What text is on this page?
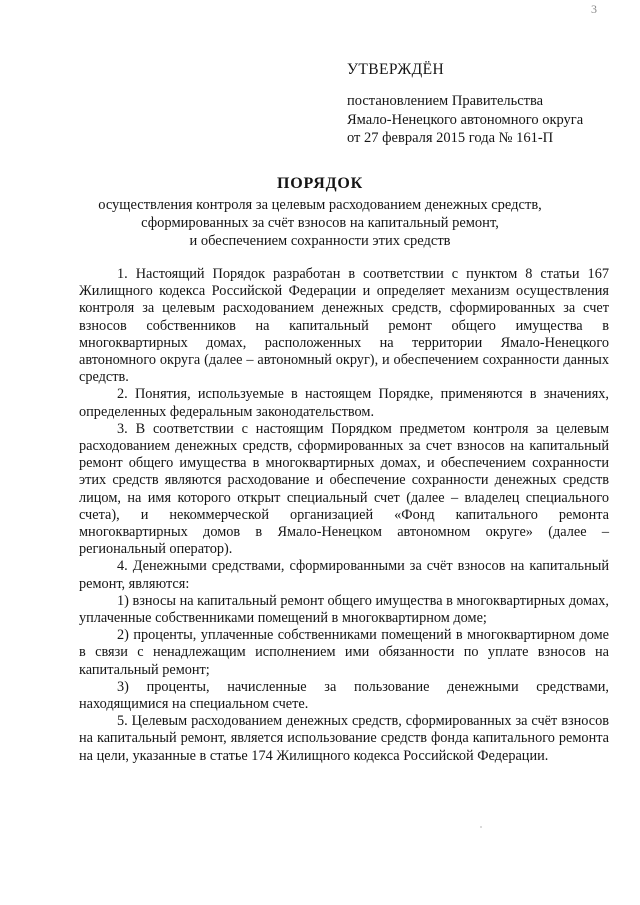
3
УТВЕРЖДЁН
постановлением Правительства
Ямало-Ненецкого автономного округа
от 27 февраля 2015 года № 161-П
ПОРЯДОК
осуществления контроля за целевым расходованием денежных средств,
сформированных за счёт взносов на капитальный ремонт,
и обеспечением сохранности этих средств

1. Настоящий Порядок разработан в соответствии с пунктом 8 статьи 167 Жилищного кодекса Российской Федерации и определяет механизм осуществления контроля за целевым расходованием денежных средств, сформированных за счет взносов собственников на капитальный ремонт общего имущества в многоквартирных домах, расположенных на территории Ямало-Ненецкого автономного округа (далее – автономный округ), и обеспечением сохранности данных средств.

2. Понятия, используемые в настоящем Порядке, применяются в значениях, определенных федеральным законодательством.

3. В соответствии с настоящим Порядком предметом контроля за целевым расходованием денежных средств, сформированных за счет взносов на капитальный ремонт общего имущества в многоквартирных домах, и обеспечением сохранности этих средств являются расходование и обеспечение сохранности денежных средств лицом, на имя которого открыт специальный счет (далее – владелец специального счета), и некоммерческой организацией «Фонд капитального ремонта многоквартирных домов в Ямало-Ненецком автономном округе» (далее – региональный оператор).

4. Денежными средствами, сформированными за счёт взносов на капитальный ремонт, являются:

1) взносы на капитальный ремонт общего имущества в многоквартирных домах, уплаченные собственниками помещений в многоквартирном доме;

2) проценты, уплаченные собственниками помещений в многоквартирном доме в связи с ненадлежащим исполнением ими обязанности по уплате взносов на капитальный ремонт;

3) проценты, начисленные за пользование денежными средствами, находящимися на специальном счете.

5. Целевым расходованием денежных средств, сформированных за счёт взносов на капитальный ремонт, является использование средств фонда капитального ремонта на цели, указанные в статье 174 Жилищного кодекса Российской Федерации.
